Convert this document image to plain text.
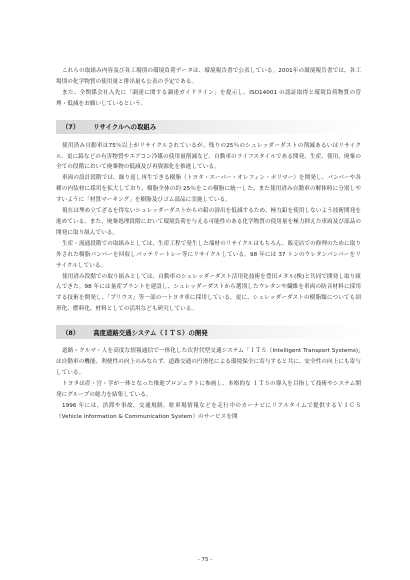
これらの取組み内容及び各工場別の環境負荷データは、環境報告書で公表している。2001年の環境報告書では、各工場別の化学物質の使用量と排出量も公表の予定である。

また、全関係会社入先に「調達に関する調達ガイドライン」を提示し、ISO14001 の認証取得と環境負荷物質の管理・低減をお願いしているという。

（7） リサイクルへの取組み

使用済み自動車は75％以上がリサイクルされているが、残りの25％のシュレッダーダストの削減あるいはリサイクル、更に鉛などの有害物質やエアコン冷媒の使用量削減など、自動車のライフスタイルである開発、生産、使用、廃棄の全ての段階において廃棄物の低減及び再資源化を推進している。

車両の設計段階では、繰り返し再生できる樹脂（トヨタ・スーパー・オレフィン・ポリマー）を開発し、バンパーや各種の内装材に採用を拡大しており、樹脂全体の約 25％をこの樹脂に統一した。また使用済み自動車の解体時に分別しやすいように「材質マーキング」を樹脂及びゴム部品に実施している。

現在は埋め立てざるを得ないシュレッダーダストからの鉛の溶出を低減するため、極力鉛を使用しないよう技術開発を進めている。また、廃棄処理段階において環境負荷を与える可能性のある化学物質の使用量を極力抑えた車両及び部品の開発に取り組んでいる。

生産・流通段階での取組みとしては、生産工程で発生した端材のリサイクルはもちろん、販売店での修理のために取り外された樹脂バンパーを回収しバッテリートレー等にリサイクルしている。98 年には 37 トンのウレタンバンパーをリサイクルしている。

使用済み段階での取り組みとしては、自動車のシュレッダーダスト活用化技術を豊田メタル(株)と共同で開発し取り組んできた。98 年には量産プラントを建設し、シュレッダーダストから選別したウレタンや繊維を車両の防音材料に採用する技術を開発し、「プリウス」等一部の一トヨタ車に採用している。更に、シュレッダーダストの樹脂類についても固形化、燃料化、材料としての活用なども研究している。

（8） 高度道路交通システム（ＩＴＳ）の開発

道路・クルマ・人を高度な情報通信で一体化した次世代型交通システム「ＩＴＳ（Intelligent Transport Systems)」は自動車の機能、利便性の向上のみならず、道路交通の円滑化による環境保全に寄与すると共に、安全性の向上にも寄与している。

トヨタは産・官・学が一体となった推進プロジェクトに参画し、本格的な ＩＴＳの導入を目指して技術やシステム開発にグループの総力を結集している。

1996 年には、渋滞や事故、交通規制、駐車場情報などを走行中のカーナビにリアルタイムで提供するＶＩＣＳ（Vehicle information & Communication System）のサービスを開

- 75 -
